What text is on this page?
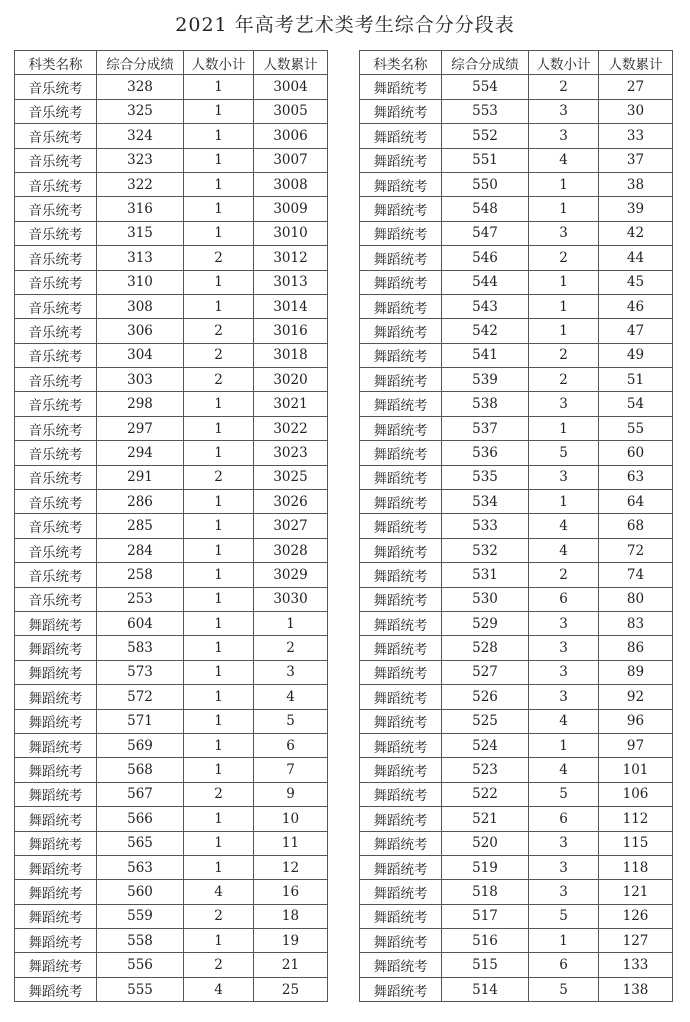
2021 年高考艺术类考生综合分分段表
科类名称	综合分成绩	人数小计	人数累计
音乐统考	328	1	3004
音乐统考	325	1	3005
音乐统考	324	1	3006
音乐统考	323	1	3007
音乐统考	322	1	3008
音乐统考	316	1	3009
音乐统考	315	1	3010
音乐统考	313	2	3012
音乐统考	310	1	3013
音乐统考	308	1	3014
音乐统考	306	2	3016
音乐统考	304	2	3018
音乐统考	303	2	3020
音乐统考	298	1	3021
音乐统考	297	1	3022
音乐统考	294	1	3023
音乐统考	291	2	3025
音乐统考	286	1	3026
音乐统考	285	1	3027
音乐统考	284	1	3028
音乐统考	258	1	3029
音乐统考	253	1	3030
舞蹈统考	604	1	1
舞蹈统考	583	1	2
舞蹈统考	573	1	3
舞蹈统考	572	1	4
舞蹈统考	571	1	5
舞蹈统考	569	1	6
舞蹈统考	568	1	7
舞蹈统考	567	2	9
舞蹈统考	566	1	10
舞蹈统考	565	1	11
舞蹈统考	563	1	12
舞蹈统考	560	4	16
舞蹈统考	559	2	18
舞蹈统考	558	1	19
舞蹈统考	556	2	21
舞蹈统考	555	4	25
科类名称	综合分成绩	人数小计	人数累计
舞蹈统考	554	2	27
舞蹈统考	553	3	30
舞蹈统考	552	3	33
舞蹈统考	551	4	37
舞蹈统考	550	1	38
舞蹈统考	548	1	39
舞蹈统考	547	3	42
舞蹈统考	546	2	44
舞蹈统考	544	1	45
舞蹈统考	543	1	46
舞蹈统考	542	1	47
舞蹈统考	541	2	49
舞蹈统考	539	2	51
舞蹈统考	538	3	54
舞蹈统考	537	1	55
舞蹈统考	536	5	60
舞蹈统考	535	3	63
舞蹈统考	534	1	64
舞蹈统考	533	4	68
舞蹈统考	532	4	72
舞蹈统考	531	2	74
舞蹈统考	530	6	80
舞蹈统考	529	3	83
舞蹈统考	528	3	86
舞蹈统考	527	3	89
舞蹈统考	526	3	92
舞蹈统考	525	4	96
舞蹈统考	524	1	97
舞蹈统考	523	4	101
舞蹈统考	522	5	106
舞蹈统考	521	6	112
舞蹈统考	520	3	115
舞蹈统考	519	3	118
舞蹈统考	518	3	121
舞蹈统考	517	5	126
舞蹈统考	516	1	127
舞蹈统考	515	6	133
舞蹈统考	514	5	138
